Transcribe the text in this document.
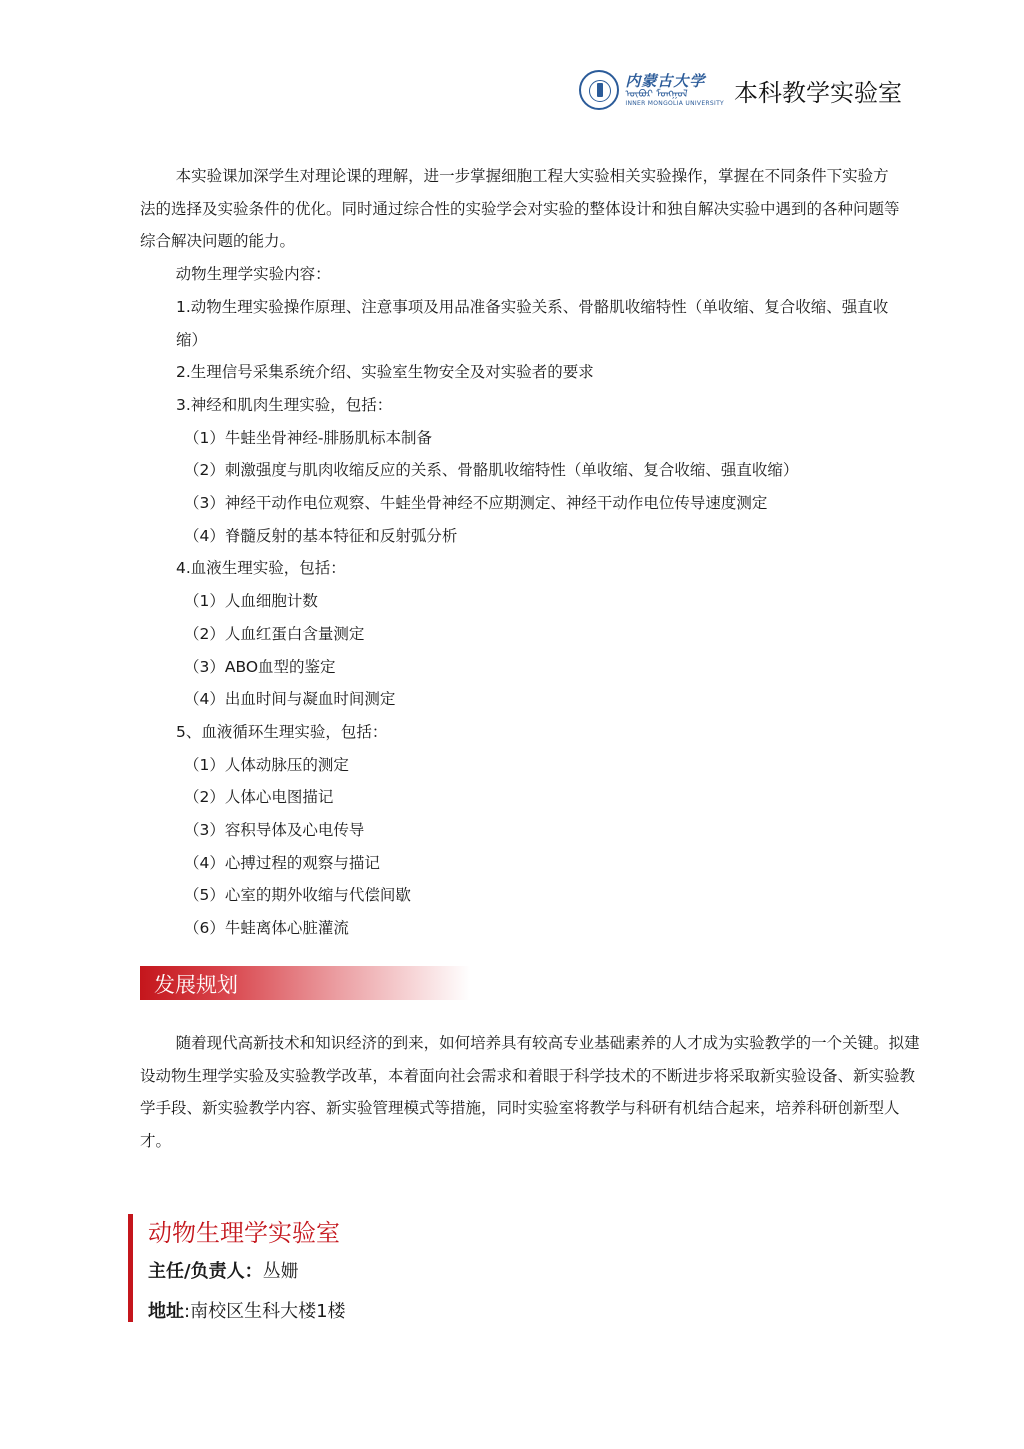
内蒙古大学
ᠥᠪᠦᠷ ᠮᠣᠩᠭᠣᠯ
INNER MONGOLIA UNIVERSITY 本科教学实验室

本实验课加深学生对理论课的理解，进一步掌握细胞工程大实验相关实验操作，掌握在不同条件下实验方法的选择及实验条件的优化。同时通过综合性的实验学会对实验的整体设计和独自解决实验中遇到的各种问题等综合解决问题的能力。

动物生理学实验内容：

1.动物生理实验操作原理、注意事项及用品准备实验关系、骨骼肌收缩特性（单收缩、复合收缩、强直收缩）

2.生理信号采集系统介绍、实验室生物安全及对实验者的要求

3.神经和肌肉生理实验，包括：

（1）牛蛙坐骨神经-腓肠肌标本制备

（2）刺激强度与肌肉收缩反应的关系、骨骼肌收缩特性（单收缩、复合收缩、强直收缩）

（3）神经干动作电位观察、牛蛙坐骨神经不应期测定、神经干动作电位传导速度测定

（4）脊髓反射的基本特征和反射弧分析

4.血液生理实验，包括：

（1）人血细胞计数

（2）人血红蛋白含量测定

（3）ABO血型的鉴定

（4）出血时间与凝血时间测定

5、血液循环生理实验，包括：

（1）人体动脉压的测定

（2）人体心电图描记

（3）容积导体及心电传导

（4）心搏过程的观察与描记

（5）心室的期外收缩与代偿间歇

（6）牛蛙离体心脏灌流

发展规划

随着现代高新技术和知识经济的到来，如何培养具有较高专业基础素养的人才成为实验教学的一个关键。拟建设动物生理学实验及实验教学改革，本着面向社会需求和着眼于科学技术的不断进步将采取新实验设备、新实验教学手段、新实验教学内容、新实验管理模式等措施，同时实验室将教学与科研有机结合起来，培养科研创新型人才。

动物生理学实验室
主任/负责人：丛姗
地址:南校区生科大楼1楼
